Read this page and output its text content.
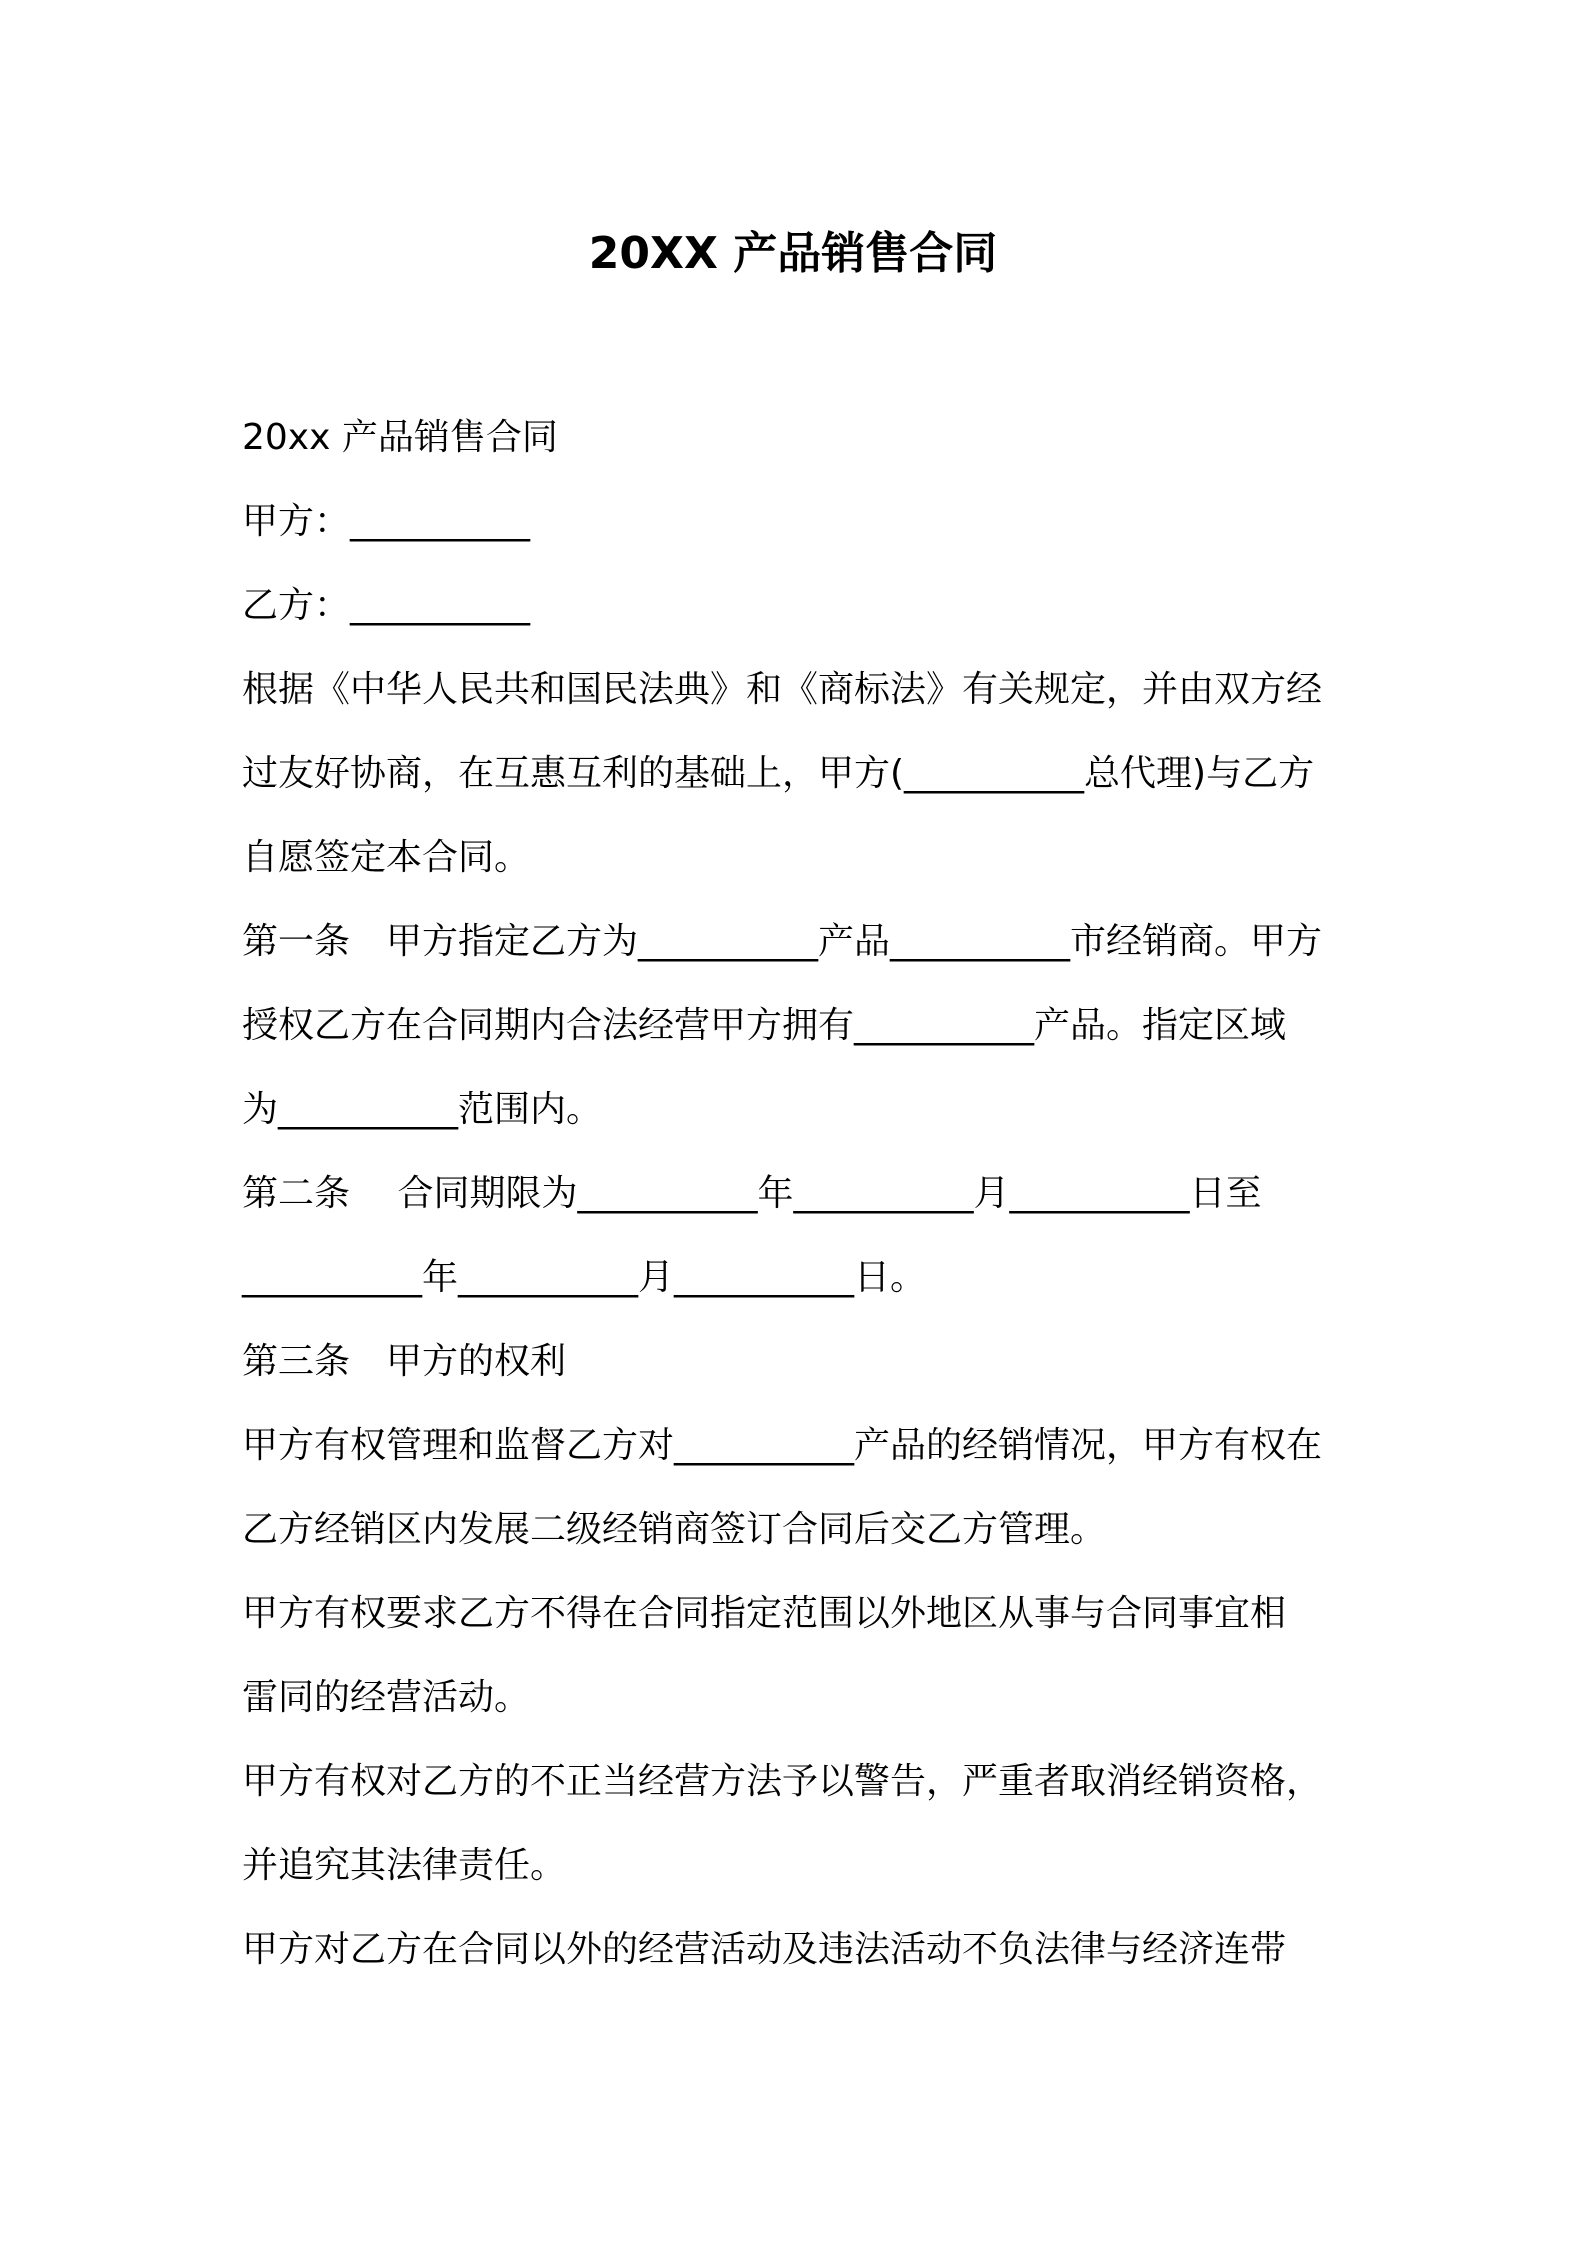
20XX 产品销售合同
20xx 产品销售合同
甲方：__________
乙方：__________
根据《中华人民共和国民法典》和《商标法》有关规定，并由双方经
过友好协商，在互惠互利的基础上，甲方(__________总代理)与乙方
自愿签定本合同。
第一条　甲方指定乙方为__________产品__________市经销商。甲方
授权乙方在合同期内合法经营甲方拥有__________产品。指定区域
为__________范围内。
第二条　 合同期限为__________年__________月__________日至
__________年__________月__________日。
第三条　甲方的权利
甲方有权管理和监督乙方对__________产品的经销情况，甲方有权在
乙方经销区内发展二级经销商签订合同后交乙方管理。
甲方有权要求乙方不得在合同指定范围以外地区从事与合同事宜相
雷同的经营活动。
甲方有权对乙方的不正当经营方法予以警告，严重者取消经销资格，
并追究其法律责任。
甲方对乙方在合同以外的经营活动及违法活动不负法律与经济连带
